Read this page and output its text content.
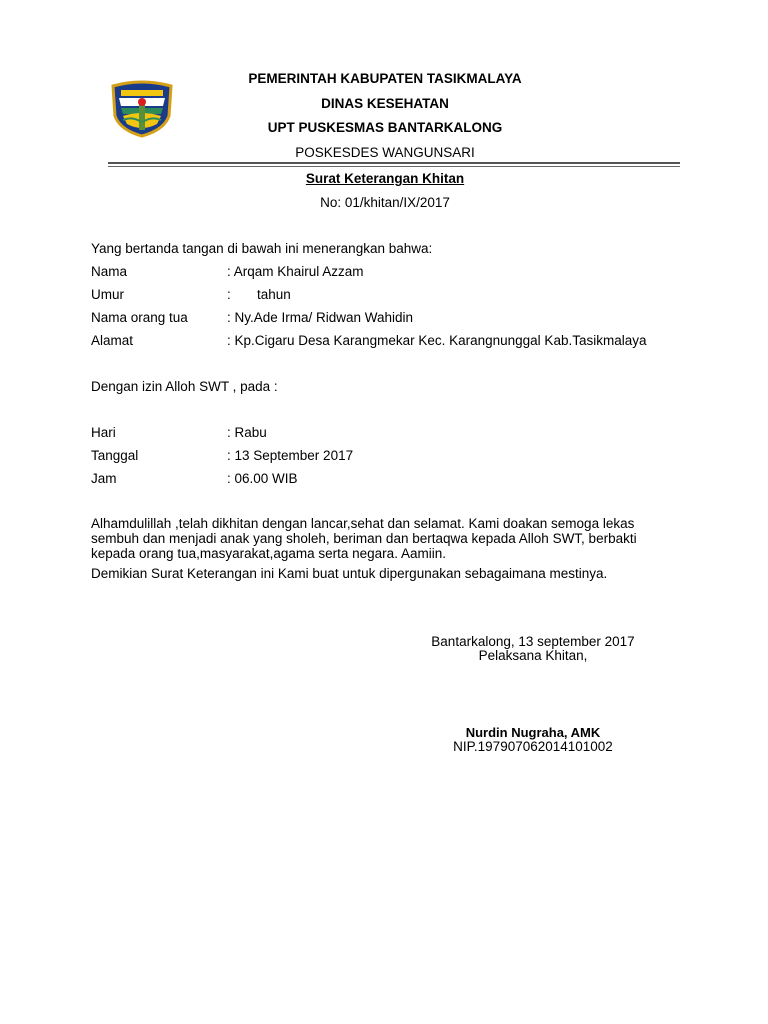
PEMERINTAH KABUPATEN TASIKMALAYA
DINAS KESEHATAN
UPT PUSKESMAS BANTARKALONG
POSKESDES WANGUNSARI
Surat Keterangan Khitan
No: 01/khitan/IX/2017
Yang bertanda tangan di bawah ini menerangkan bahwa:
Nama	: Arqam Khairul Azzam
Umur	:       tahun
Nama orang tua	: Ny.Ade Irma/ Ridwan Wahidin
Alamat	: Kp.Cigaru Desa Karangmekar Kec. Karangnunggal Kab.Tasikmalaya
Dengan izin Alloh SWT , pada :
Hari	: Rabu
Tanggal	: 13 September 2017
Jam	: 06.00 WIB
Alhamdulillah ,telah dikhitan dengan lancar,sehat dan selamat. Kami doakan semoga lekas
sembuh dan menjadi anak yang sholeh, beriman dan bertaqwa kepada Alloh SWT, berbakti
kepada orang tua,masyarakat,agama serta negara. Aamiin.
Demikian Surat Keterangan ini Kami buat untuk dipergunakan sebagaimana mestinya.
Bantarkalong, 13 september 2017
Pelaksana Khitan,
Nurdin Nugraha, AMK
NIP.197907062014101002
